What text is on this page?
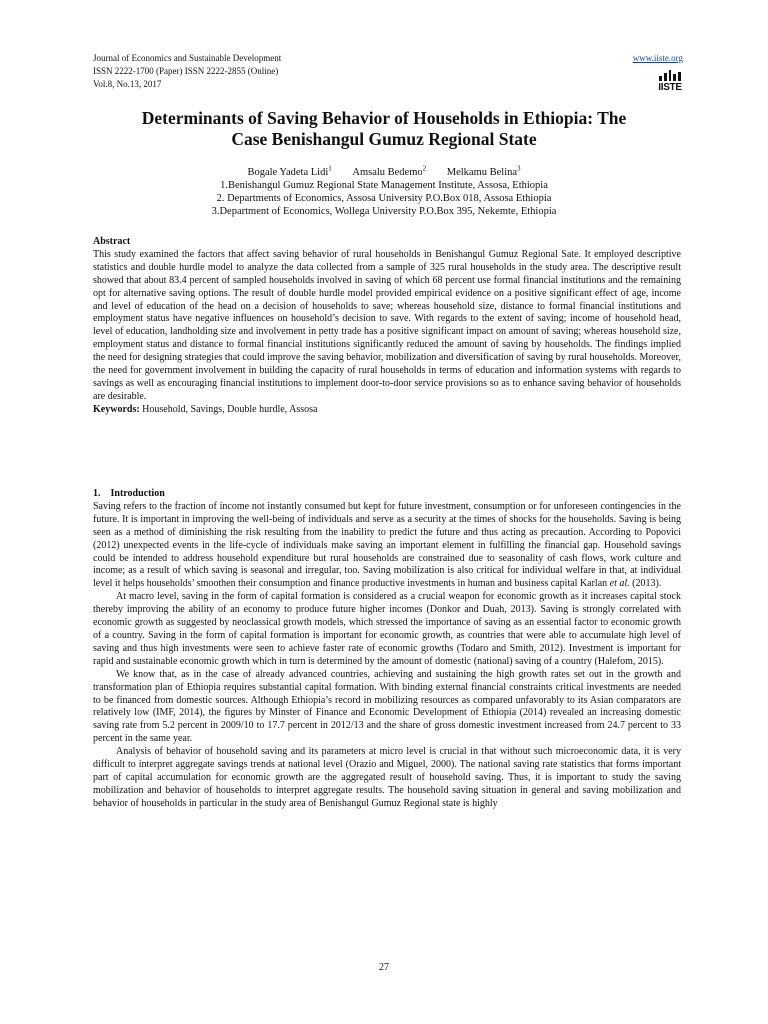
Journal of Economics and Sustainable Development
ISSN 2222-1700 (Paper) ISSN 2222-2855 (Online)
Vol.8, No.13, 2017
www.iiste.org
IISTE
Determinants of Saving Behavior of Households in Ethiopia: The
Case Benishangul Gumuz Regional State
Bogale Yadeta Lidi$^1$ Amsalu Bedemo$^2$ Melkamu Belina$^3$
1.Benishangul Gumuz Regional State Management Institute, Assosa, Ethiopia
2. Departments of Economics, Assosa University P.O.Box 018, Assosa Ethiopia
3.Department of Economics, Wollega University P.O.Box 395, Nekemte, Ethiopia
Abstract

This study examined the factors that affect saving behavior of rural households in Benishangul Gumuz Regional Sate. It employed descriptive statistics and double hurdle model to analyze the data collected from a sample of 325 rural households in the study area. The descriptive result showed that about 83.4 percent of sampled households involved in saving of which 68 percent use formal financial institutions and the remaining opt for alternative saving options. The result of double hurdle model provided empirical evidence on a positive significant effect of age, income and level of education of the head on a decision of households to save; whereas household size, distance to formal financial institutions and employment status have negative influences on household’s decision to save. With regards to the extent of saving; income of household head, level of education, landholding size and involvement in petty trade has a positive significant impact on amount of saving; whereas household size, employment status and distance to formal financial institutions significantly reduced the amount of saving by households. The findings implied the need for designing strategies that could improve the saving behavior, mobilization and diversification of saving by rural households. Moreover, the need for government involvement in building the capacity of rural households in terms of education and information systems with regards to savings as well as encouraging financial institutions to implement door-to-door service provisions so as to enhance saving behavior of households are desirable.

Keywords: Household, Savings, Double hurdle, Assosa

1.    Introduction

Saving refers to the fraction of income not instantly consumed but kept for future investment, consumption or for unforeseen contingencies in the future. It is important in improving the well-being of individuals and serve as a security at the times of shocks for the households. Saving is being seen as a method of diminishing the risk resulting from the inability to predict the future and thus acting as precaution. According to Popovici (2012) unexpected events in the life-cycle of individuals make saving an important element in fulfilling the financial gap. Household savings could be intended to address household expenditure but rural households are constrained due to seasonality of cash flows, work culture and income; as a result of which saving is seasonal and irregular, too. Saving mobilization is also critical for individual welfare in that, at individual level it helps households’ smoothen their consumption and finance productive investments in human and business capital Karlan et al. (2013).

At macro level, saving in the form of capital formation is considered as a crucial weapon for economic growth as it increases capital stock thereby improving the ability of an economy to produce future higher incomes (Donkor and Duah, 2013). Saving is strongly correlated with economic growth as suggested by neoclassical growth models, which stressed the importance of saving as an essential factor to economic growth of a country. Saving in the form of capital formation is important for economic growth, as countries that were able to accumulate high level of saving and thus high investments were seen to achieve faster rate of economic growths (Todaro and Smith, 2012). Investment is important for rapid and sustainable economic growth which in turn is determined by the amount of domestic (national) saving of a country (Halefom, 2015).

We know that, as in the case of already advanced countries, achieving and sustaining the high growth rates set out in the growth and transformation plan of Ethiopia requires substantial capital formation. With binding external financial constraints critical investments are needed to be financed from domestic sources. Although Ethiopia’s record in mobilizing resources as compared unfavorably to its Asian comparators are relatively low (IMF, 2014), the figures by Minster of Finance and Economic Development of Ethiopia (2014) revealed an increasing domestic saving rate from 5.2 percent in 2009/10 to 17.7 percent in 2012/13 and the share of gross domestic investment increased from 24.7 percent to 33 percent in the same year.

Analysis of behavior of household saving and its parameters at micro level is crucial in that without such microeconomic data, it is very difficult to interpret aggregate savings trends at national level (Orazio and Miguel, 2000). The national saving rate statistics that forms important part of capital accumulation for economic growth are the aggregated result of household saving. Thus, it is important to study the saving mobilization and behavior of households to interpret aggregate results. The household saving situation in general and saving mobilization and behavior of households in particular in the study area of Benishangul Gumuz Regional state is highly

27
